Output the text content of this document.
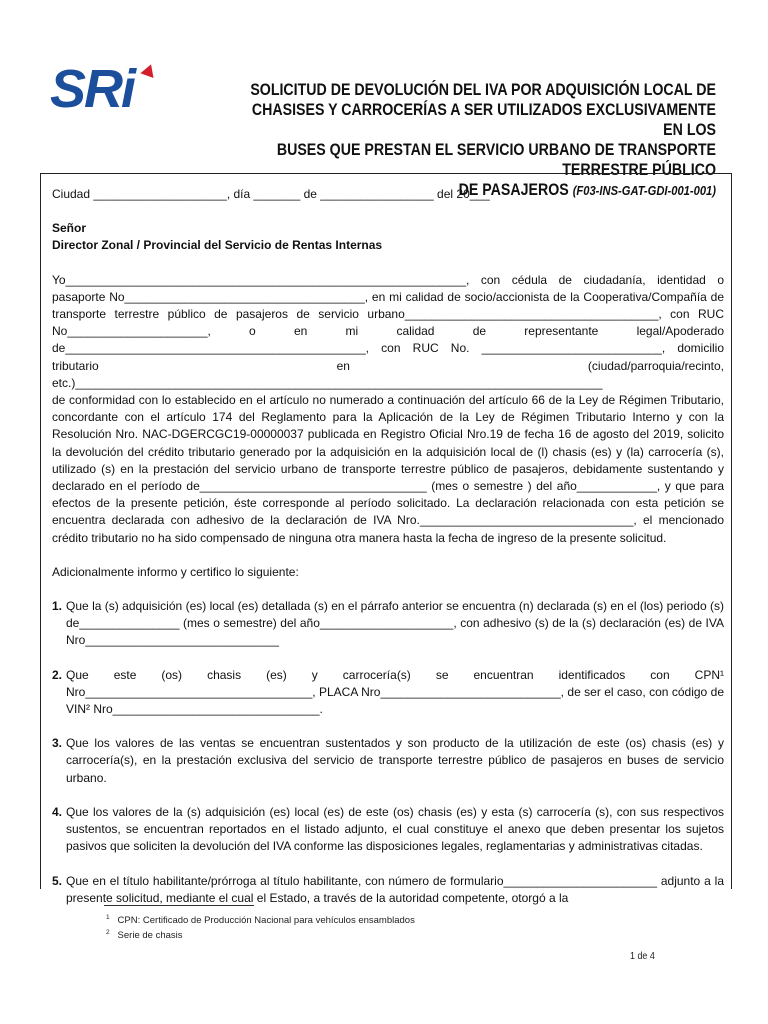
SRi	SOLICITUD DE DEVOLUCIÓN DEL IVA POR ADQUISICIÓN LOCAL DE
CHASISES Y CARROCERÍAS A SER UTILIZADOS EXCLUSIVAMENTE EN LOS
BUSES QUE PRESTAN EL SERVICIO URBANO DE TRANSPORTE TERRESTRE PÚBLICO
DE PASAJEROS (F03-INS-GAT-GDI-001-001)

Ciudad ____________________, día _______ de _________________ del 20___

Señor

Director Zonal / Provincial del Servicio de Rentas Internas

Yo____________________________________________________________, con cédula de ciudadanía, identidad o pasaporte No____________________________________, en mi calidad de socio/accionista de la Cooperativa/Compañía de transporte terrestre público de pasajeros de servicio urbano______________________________________, con RUC No_____________________, o en mi calidad de representante legal/Apoderado de_____________________________________________, con RUC No. ___________________________, domicilio tributario en (ciudad/parroquia/recinto, etc.)_______________________________________________________________________________

de conformidad con lo establecido en el artículo no numerado a continuación del artículo 66 de la Ley de Régimen Tributario, concordante con el artículo 174 del Reglamento para la Aplicación de la Ley de Régimen Tributario Interno y con la Resolución Nro. NAC-DGERCGC19-00000037 publicada en Registro Oficial Nro.19 de fecha 16 de agosto del 2019, solicito la devolución del crédito tributario generado por la adquisición en la adquisición local de (l) chasis (es) y (la) carrocería (s), utilizado (s) en la prestación del servicio urbano de transporte terrestre público de pasajeros, debidamente sustentando y declarado en el período de__________________________________ (mes o semestre ) del año____________, y que para efectos de la presente petición, éste corresponde al período solicitado. La declaración relacionada con esta petición se encuentra declarada con adhesivo de la declaración de IVA Nro.________________________________, el mencionado crédito tributario no ha sido compensado de ninguna otra manera hasta la fecha de ingreso de la presente solicitud.

Adicionalmente informo y certifico lo siguiente:

1. Que la (s) adquisición (es) local (es) detallada (s) en el párrafo anterior se encuentra (n) declarada (s) en el (los) periodo (s) de_______________ (mes o semestre) del año____________________, con adhesivo (s) de la (s) declaración (es) de IVA Nro_____________________________
2. Que este (os) chasis (es) y carrocería(s) se encuentran identificados con CPN¹ Nro__________________________________, PLACA Nro___________________________, de ser el caso, con código de VIN² Nro_______________________________.
3. Que los valores de las ventas se encuentran sustentados y son producto de la utilización de este (os) chasis (es) y carrocería(s), en la prestación exclusiva del servicio de transporte terrestre público de pasajeros en buses de servicio urbano.
4. Que los valores de la (s) adquisición (es) local (es) de este (os) chasis (es) y esta (s) carrocería (s), con sus respectivos sustentos, se encuentran reportados en el listado adjunto, el cual constituye el anexo que deben presentar los sujetos pasivos que soliciten la devolución del IVA conforme las disposiciones legales, reglamentarias y administrativas citadas.
5. Que en el título habilitante/prórroga al título habilitante, con número de formulario_______________________ adjunto a la presente solicitud, mediante el cual el Estado, a través de la autoridad competente, otorgó a la
$^1$ CPN: Certificado de Producción Nacional para vehículos ensamblados
$^2$ Serie de chasis
1 de 4
